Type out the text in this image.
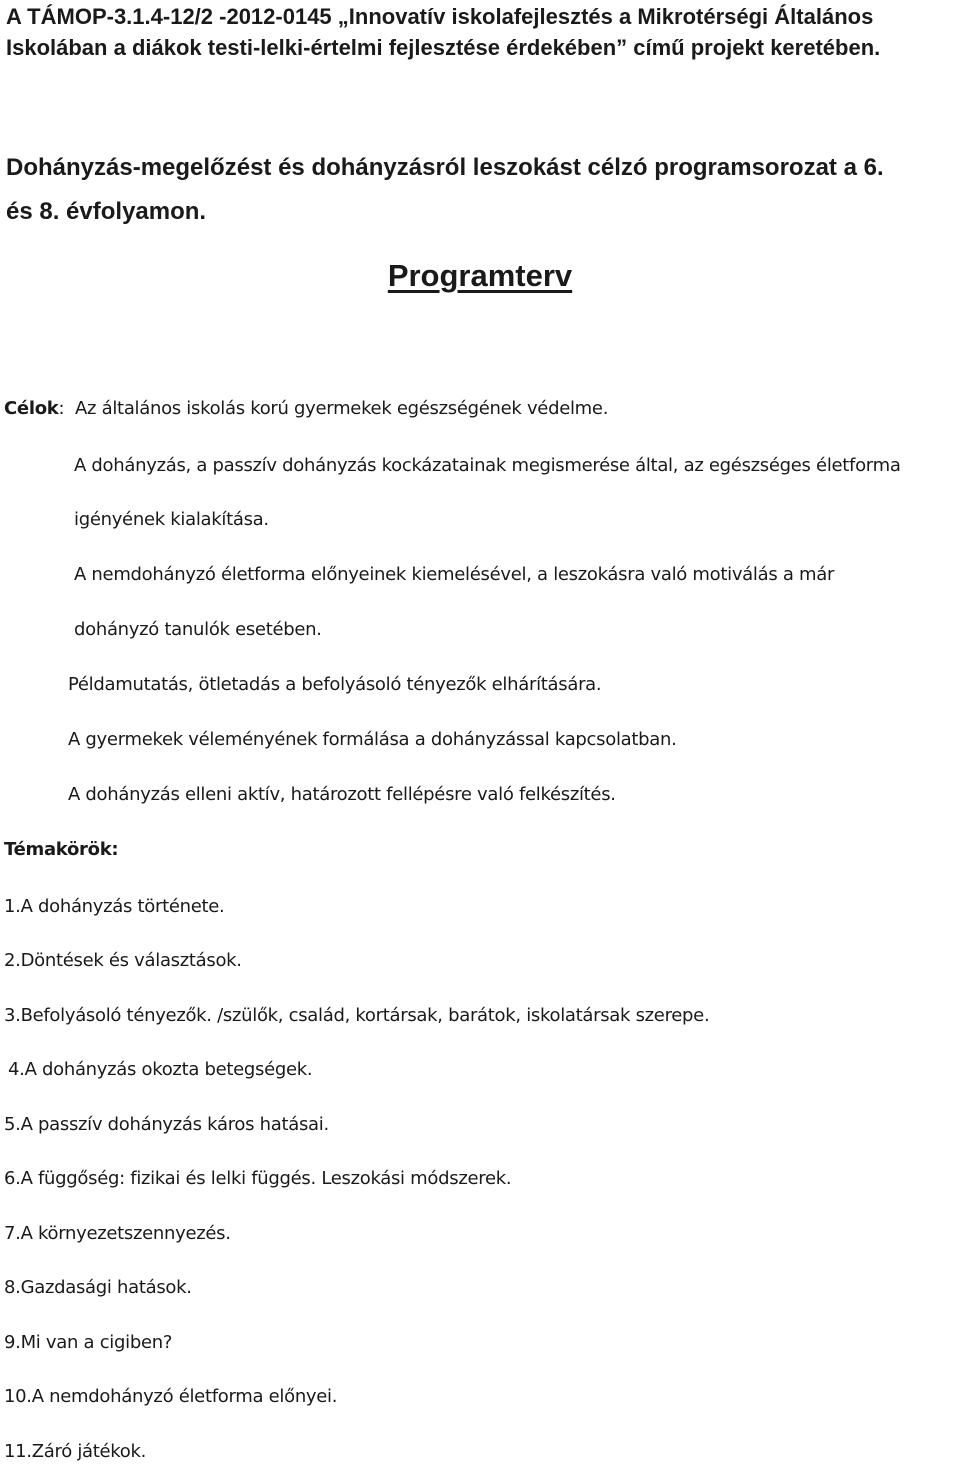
A TÁMOP-3.1.4-12/2 -2012-0145 „Innovatív iskolafejlesztés a Mikrotérségi Általános
Iskolában a diákok testi-lelki-értelmi fejlesztése érdekében” című projekt keretében.
Dohányzás-megelőzést és dohányzásról leszokást célzó programsorozat a 6.
és 8. évfolyamon.
Programterv
Célok: Az általános iskolás korú gyermekek egészségének védelme.
A dohányzás, a passzív dohányzás kockázatainak megismerése által, az egészséges életforma
igényének kialakítása.
A nemdohányzó életforma előnyeinek kiemelésével, a leszokásra való motiválás a már
dohányzó tanulók esetében.
Példamutatás, ötletadás a befolyásoló tényezők elhárítására.
A gyermekek véleményének formálása a dohányzással kapcsolatban.
A dohányzás elleni aktív, határozott fellépésre való felkészítés.
Témakörök:
1.A dohányzás története.
2.Döntések és választások.
3.Befolyásoló tényezők. /szülők, család, kortársak, barátok, iskolatársak szerepe.
4.A dohányzás okozta betegségek.
5.A passzív dohányzás káros hatásai.
6.A függőség: fizikai és lelki függés. Leszokási módszerek.
7.A környezetszennyezés.
8.Gazdasági hatások.
9.Mi van a cigiben?
10.A nemdohányzó életforma előnyei.
11.Záró játékok.
